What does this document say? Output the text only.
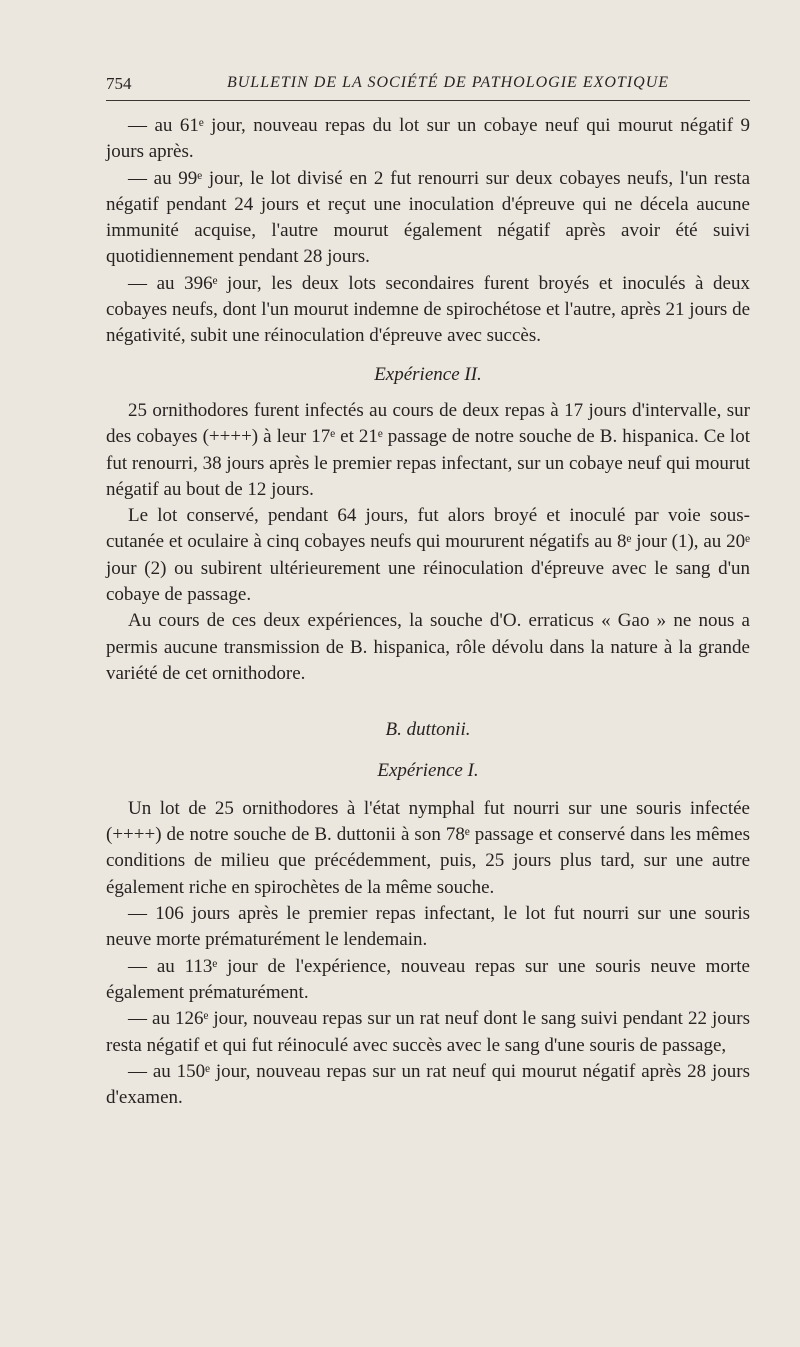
754	BULLETIN DE LA SOCIÉTÉ DE PATHOLOGIE EXOTIQUE

— au 61ᵉ jour, nouveau repas du lot sur un cobaye neuf qui mourut négatif 9 jours après.

— au 99ᵉ jour, le lot divisé en 2 fut renourri sur deux cobayes neufs, l'un resta négatif pendant 24 jours et reçut une inoculation d'épreuve qui ne décela aucune immunité acquise, l'autre mourut également négatif après avoir été suivi quotidiennement pendant 28 jours.

— au 396ᵉ jour, les deux lots secondaires furent broyés et inoculés à deux cobayes neufs, dont l'un mourut indemne de spirochétose et l'autre, après 21 jours de négativité, subit une réinoculation d'épreuve avec succès.

Expérience II.

25 ornithodores furent infectés au cours de deux repas à 17 jours d'intervalle, sur des cobayes (++++) à leur 17ᵉ et 21ᵉ passage de notre souche de B. hispanica. Ce lot fut renourri, 38 jours après le premier repas infectant, sur un cobaye neuf qui mourut négatif au bout de 12 jours.

Le lot conservé, pendant 64 jours, fut alors broyé et inoculé par voie sous-cutanée et oculaire à cinq cobayes neufs qui moururent négatifs au 8ᵉ jour (1), au 20ᵉ jour (2) ou subirent ultérieurement une réinoculation d'épreuve avec le sang d'un cobaye de passage.

Au cours de ces deux expériences, la souche d'O. erraticus « Gao » ne nous a permis aucune transmission de B. hispanica, rôle dévolu dans la nature à la grande variété de cet ornithodore.

B. duttonii.

Expérience I.

Un lot de 25 ornithodores à l'état nymphal fut nourri sur une souris infectée (++++) de notre souche de B. duttonii à son 78ᵉ passage et conservé dans les mêmes conditions de milieu que précédemment, puis, 25 jours plus tard, sur une autre également riche en spirochètes de la même souche.

— 106 jours après le premier repas infectant, le lot fut nourri sur une souris neuve morte prématurément le lendemain.

— au 113ᵉ jour de l'expérience, nouveau repas sur une souris neuve morte également prématurément.

— au 126ᵉ jour, nouveau repas sur un rat neuf dont le sang suivi pendant 22 jours resta négatif et qui fut réinoculé avec succès avec le sang d'une souris de passage,

— au 150ᵉ jour, nouveau repas sur un rat neuf qui mourut négatif après 28 jours d'examen.
